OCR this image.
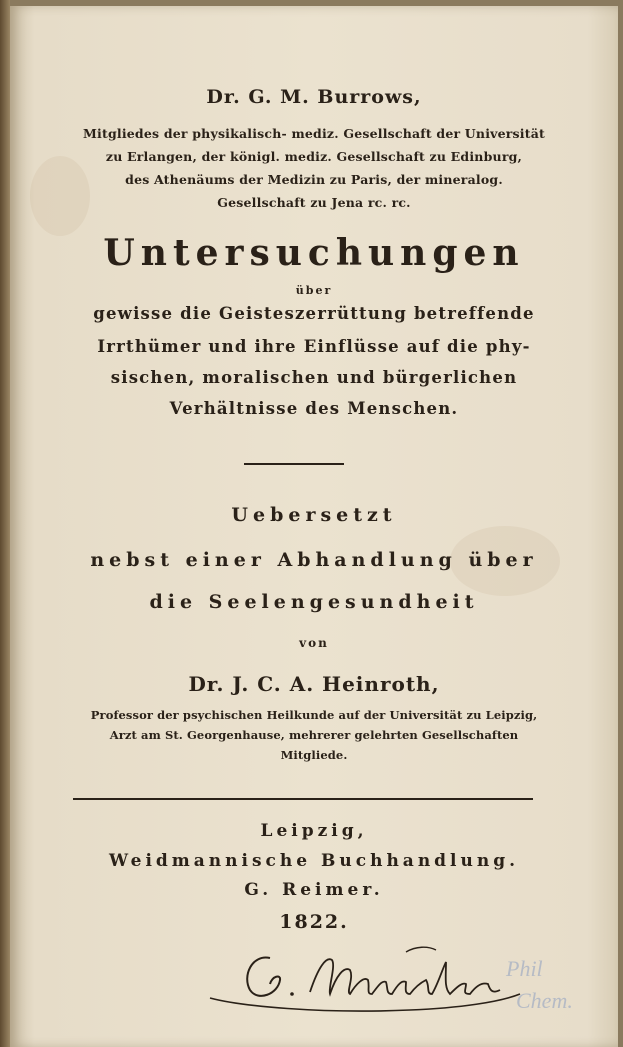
Dr. G. M. Burrows,
Mitgliedes der physikalisch- mediz. Gesellschaft der Universität
zu Erlangen, der königl. mediz. Gesellschaft zu Edinburg,
des Athenäums der Medizin zu Paris, der mineralog.
Gesellschaft zu Jena rc. rc.
Untersuchungen
über
gewisse die Geisteszerrüttung betreffende
Irrthümer und ihre Einflüsse auf die phy-
sischen, moralischen und bürgerlichen
Verhältnisse des Menschen.
Uebersetzt
nebst einer Abhandlung über
die Seelengesundheit
von
Dr. J. C. A. Heinroth,
Professor der psychischen Heilkunde auf der Universität zu Leipzig,
Arzt am St. Georgenhause, mehrerer gelehrten Gesellschaften
Mitgliede.
Leipzig,
Weidmannische Buchhandlung.
G. Reimer.
1822.
Phil
Chem.
